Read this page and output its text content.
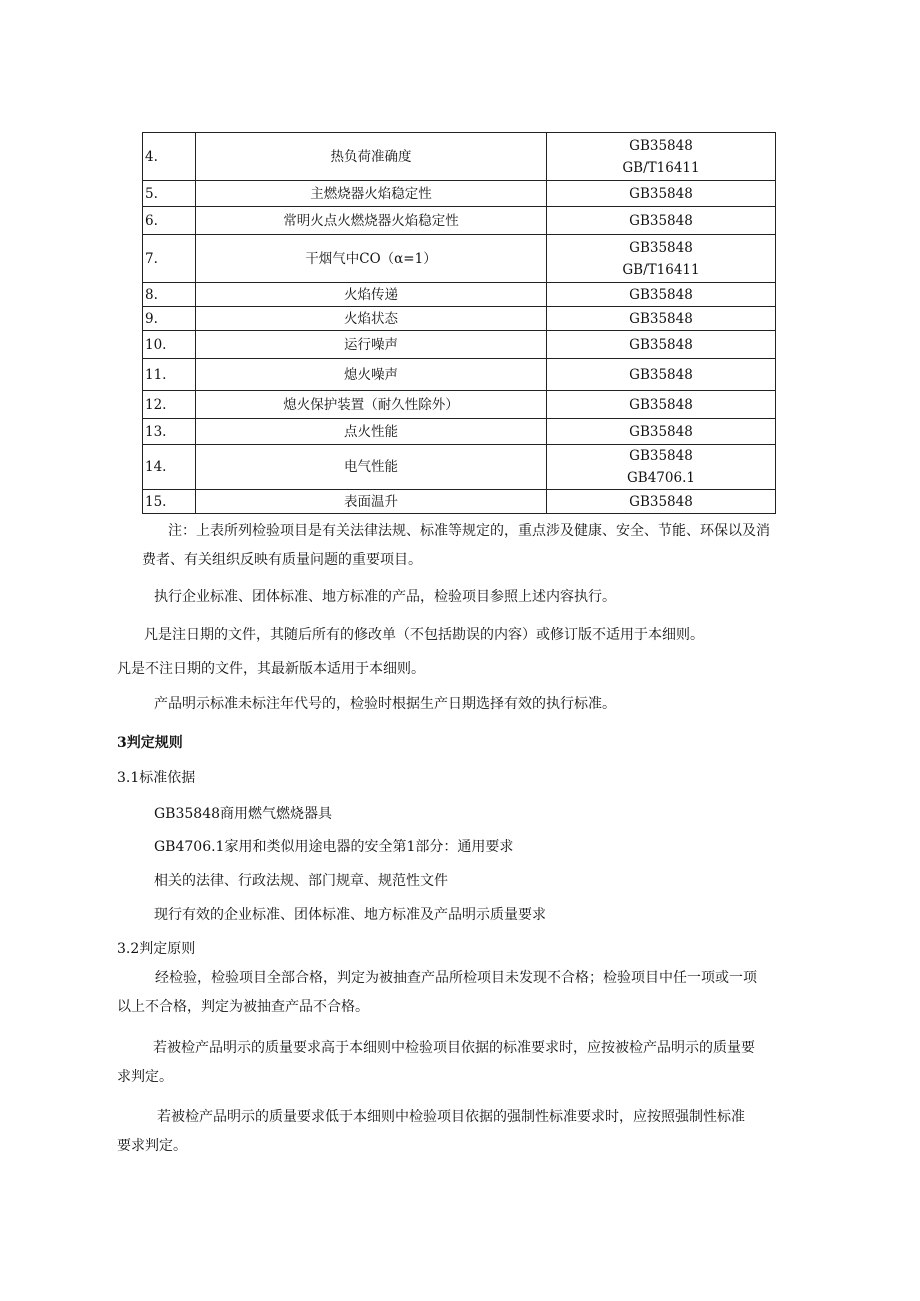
4.	热负荷准确度	GB35848
GB/T16411

5.	主燃烧器火焰稳定性	GB35848

6.	常明火点火燃烧器火焰稳定性	GB35848

7.	干烟气中CO（α=1）	GB35848
GB/T16411

8.	火焰传递	GB35848

9.	火焰状态	GB35848

10.	运行噪声	GB35848

11.	熄火噪声	GB35848

12.	熄火保护装置（耐久性除外）	GB35848

13.	点火性能	GB35848

14.	电气性能	GB35848
GB4706.1

15.	表面温升	GB35848
注：上表所列检验项目是有关法律法规、标准等规定的，重点涉及健康、安全、节能、环保以及消费者、有关组织反映有质量问题的重要项目。
执行企业标准、团体标准、地方标准的产品，检验项目参照上述内容执行。
凡是注日期的文件，其随后所有的修改单（不包括勘误的内容）或修订版不适用于本细则。
凡是不注日期的文件，其最新版本适用于本细则。
产品明示标准未标注年代号的，检验时根据生产日期选择有效的执行标准。
3判定规则
3.1标准依据
GB35848商用燃气燃烧器具
GB4706.1家用和类似用途电器的安全第1部分：通用要求
相关的法律、行政法规、部门规章、规范性文件
现行有效的企业标准、团体标准、地方标准及产品明示质量要求
3.2判定原则
经检验，检验项目全部合格，判定为被抽查产品所检项目未发现不合格；检验项目中任一项或一项以上不合格，判定为被抽查产品不合格。
若被检产品明示的质量要求高于本细则中检验项目依据的标准要求时，应按被检产品明示的质量要求判定。
若被检产品明示的质量要求低于本细则中检验项目依据的强制性标准要求时，应按照强制性标准要求判定。
